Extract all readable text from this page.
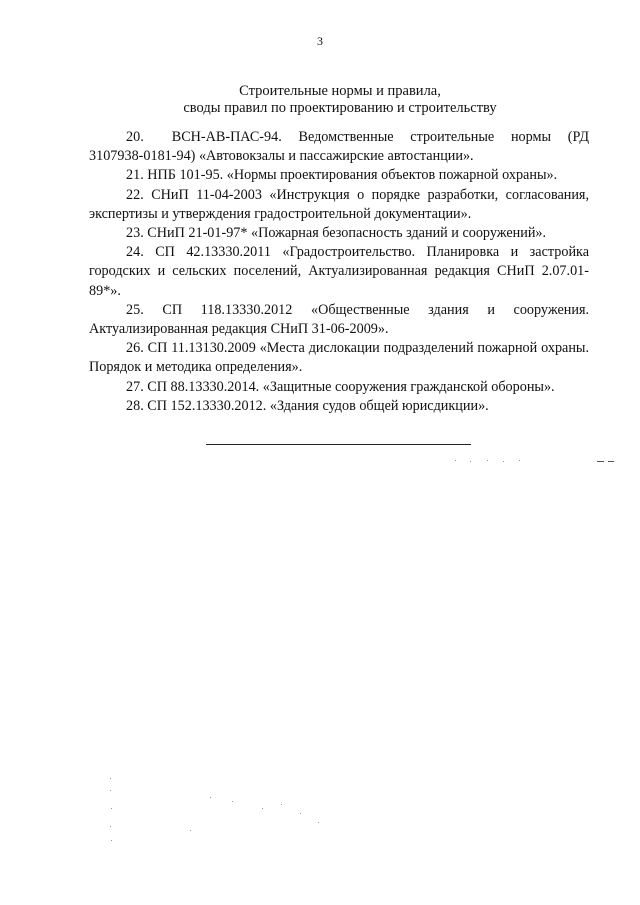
3
Строительные нормы и правила,
своды правил по проектированию и строительству

20. ВСН-АВ-ПАС-94. Ведомственные строительные нормы (РД 3107938-0181-94) «Автовокзалы и пассажирские автостанции».

21. НПБ 101-95. «Нормы проектирования объектов пожарной охраны».

22. СНиП 11-04-2003 «Инструкция о порядке разработки, согласования, экспертизы и утверждения градостроительной документации».

23. СНиП 21-01-97* «Пожарная безопасность зданий и сооружений».

24. СП 42.13330.2011 «Градостроительство. Планировка и застройка городских и сельских поселений, Актуализированная редакция СНиП 2.07.01-89*».

25. СП 118.13330.2012 «Общественные здания и сооружения. Актуализированная редакция СНиП 31-06-2009».

26. СП 11.13130.2009 «Места дислокации подразделений пожарной охраны. Порядок и методика определения».

27. СП 88.13330.2014. «Защитные сооружения гражданской обороны».

28. СП 152.13330.2012. «Здания судов общей юрисдикции».
